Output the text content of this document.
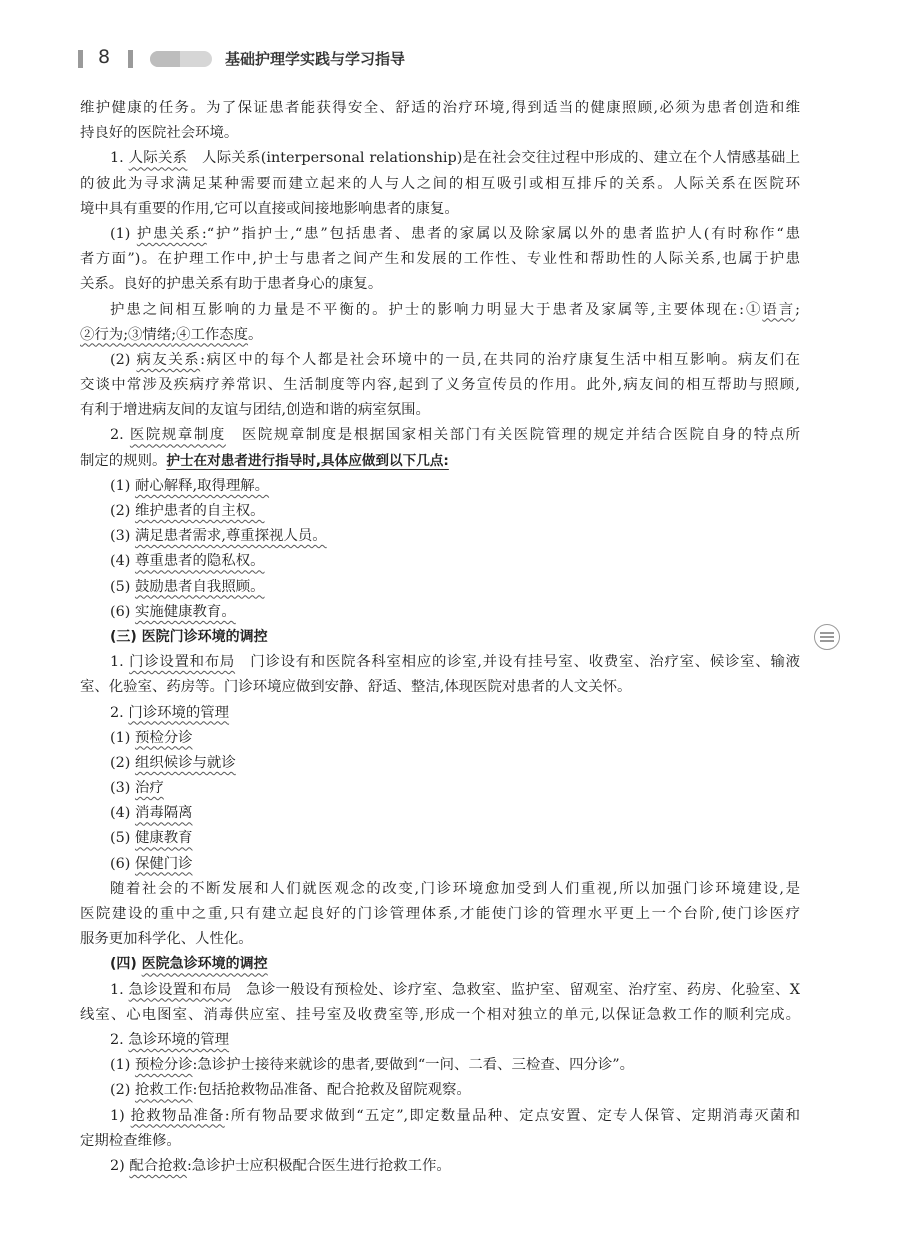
8	基础护理学实践与学习指导
维护健康的任务。为了保证患者能获得安全、舒适的治疗环境,得到适当的健康照顾,必须为患者创造和维
持良好的医院社会环境。
1. 人际关系　人际关系(interpersonal relationship)是在社会交往过程中形成的、建立在个人情感基础上
的彼此为寻求满足某种需要而建立起来的人与人之间的相互吸引或相互排斥的关系。人际关系在医院环
境中具有重要的作用,它可以直接或间接地影响患者的康复。
(1) 护患关系:“护”指护士,“患”包括患者、患者的家属以及除家属以外的患者监护人(有时称作“患
者方面”)。在护理工作中,护士与患者之间产生和发展的工作性、专业性和帮助性的人际关系,也属于护患
关系。良好的护患关系有助于患者身心的康复。
护患之间相互影响的力量是不平衡的。护士的影响力明显大于患者及家属等,主要体现在:①语言;
②行为;③情绪;④工作态度。
(2) 病友关系:病区中的每个人都是社会环境中的一员,在共同的治疗康复生活中相互影响。病友们在
交谈中常涉及疾病疗养常识、生活制度等内容,起到了义务宣传员的作用。此外,病友间的相互帮助与照顾,
有利于增进病友间的友谊与团结,创造和谐的病室氛围。
2. 医院规章制度　医院规章制度是根据国家相关部门有关医院管理的规定并结合医院自身的特点所
制定的规则。护士在对患者进行指导时,具体应做到以下几点:
(1) 耐心解释,取得理解。
(2) 维护患者的自主权。
(3) 满足患者需求,尊重探视人员。
(4) 尊重患者的隐私权。
(5) 鼓励患者自我照顾。
(6) 实施健康教育。
(三) 医院门诊环境的调控
1. 门诊设置和布局　门诊设有和医院各科室相应的诊室,并设有挂号室、收费室、治疗室、候诊室、输液
室、化验室、药房等。门诊环境应做到安静、舒适、整洁,体现医院对患者的人文关怀。
2. 门诊环境的管理
(1) 预检分诊
(2) 组织候诊与就诊
(3) 治疗
(4) 消毒隔离
(5) 健康教育
(6) 保健门诊
随着社会的不断发展和人们就医观念的改变,门诊环境愈加受到人们重视,所以加强门诊环境建设,是
医院建设的重中之重,只有建立起良好的门诊管理体系,才能使门诊的管理水平更上一个台阶,使门诊医疗
服务更加科学化、人性化。
(四) 医院急诊环境的调控
1. 急诊设置和布局　急诊一般设有预检处、诊疗室、急救室、监护室、留观室、治疗室、药房、化验室、X
线室、心电图室、消毒供应室、挂号室及收费室等,形成一个相对独立的单元,以保证急救工作的顺利完成。
2. 急诊环境的管理
(1) 预检分诊:急诊护士接待来就诊的患者,要做到“一问、二看、三检查、四分诊”。
(2) 抢救工作:包括抢救物品准备、配合抢救及留院观察。
1) 抢救物品准备:所有物品要求做到“五定”,即定数量品种、定点安置、定专人保管、定期消毒灭菌和
定期检查维修。
2) 配合抢救:急诊护士应积极配合医生进行抢救工作。
